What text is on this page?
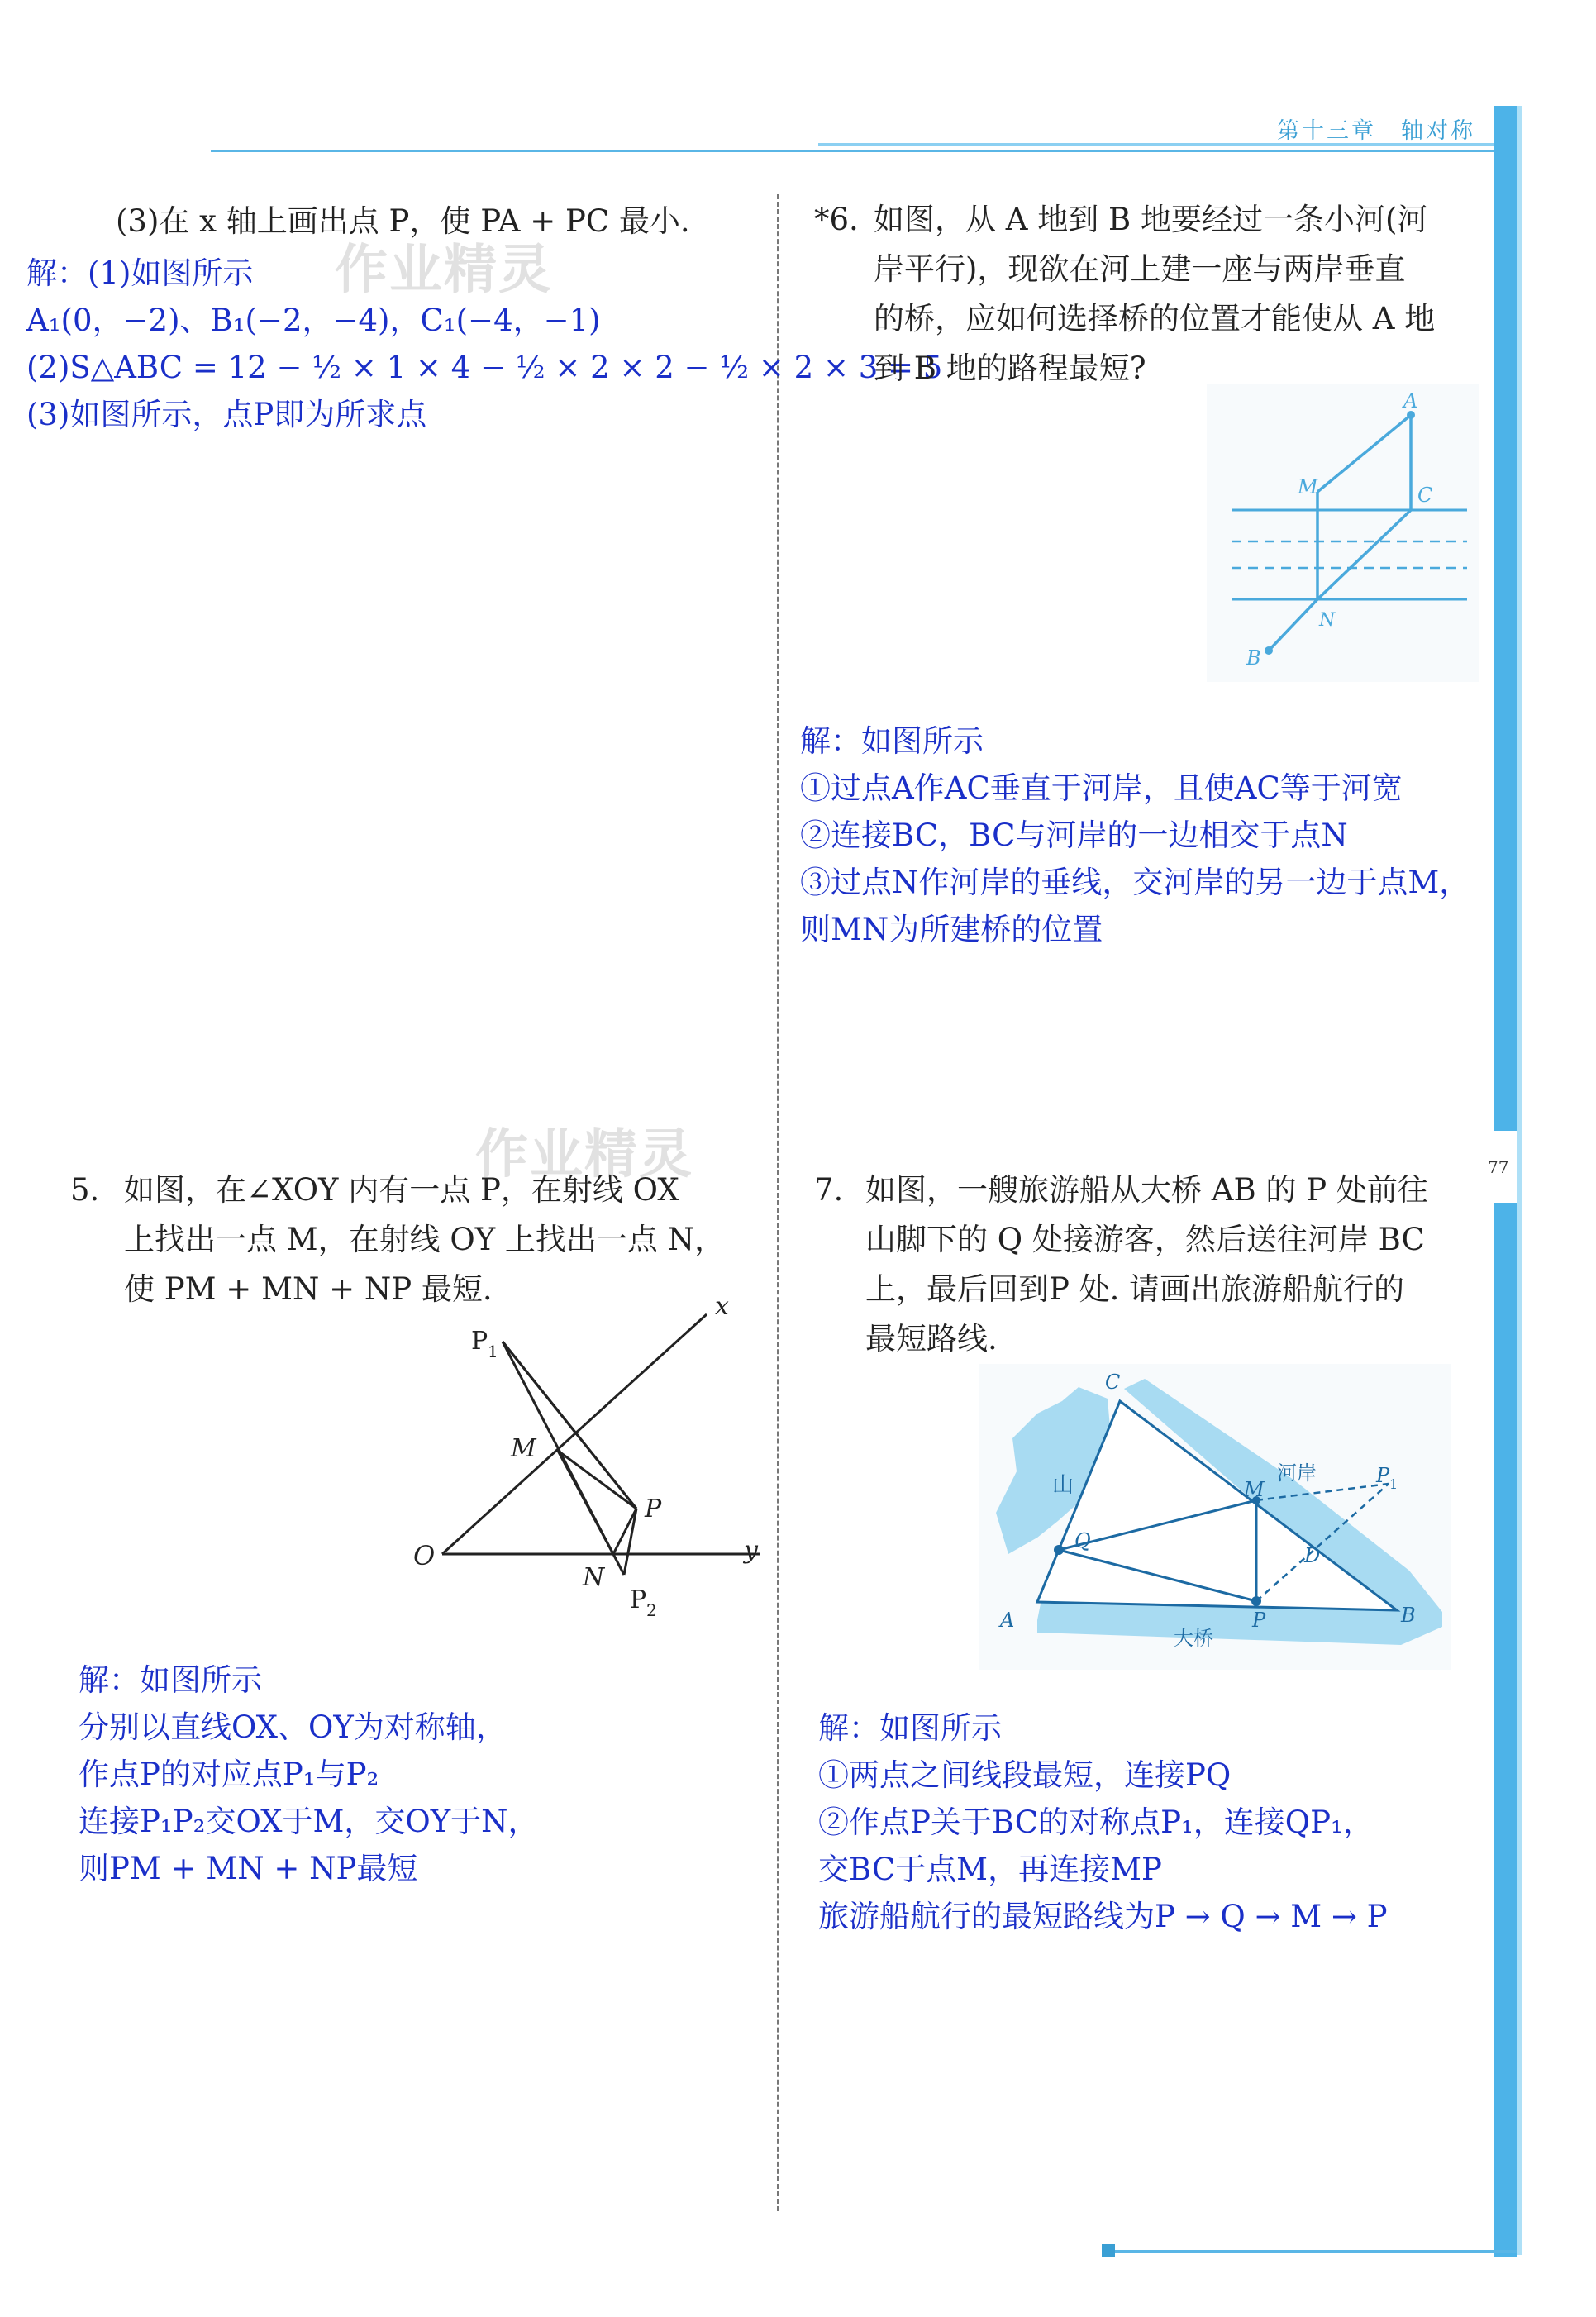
第十三章　轴对称
77
作业精灵
作业精灵
(3)在 x 轴上画出点 P，使 PA + PC 最小.
解：(1)如图所示
A₁(0，−2)、B₁(−2，−4)，C₁(−4，−1)
(2)S△ABC = 12 − ½ × 1 × 4 − ½ × 2 × 2 − ½ × 2 × 3 = 5
(3)如图所示，点P即为所求点
*6. 如图，从 A 地到 B 地要经过一条小河(河
岸平行)，现欲在河上建一座与两岸垂直
的桥，应如何选择桥的位置才能使从 A 地
到 B 地的路程最短?
A
C
M
N
B
解：如图所示
①过点A作AC垂直于河岸，且使AC等于河宽
②连接BC，BC与河岸的一边相交于点N
③过点N作河岸的垂线，交河岸的另一边于点M，
则MN为所建桥的位置
5. 如图，在∠XOY 内有一点 P，在射线 OX
上找出一点 M，在射线 OY 上找出一点 N，
使 PM + MN + NP 最短.	x
y
O
M
N
P
P 1
P 2
解：如图所示
分别以直线OX、OY为对称轴，
作点P的对应点P₁与P₂
连接P₁P₂交OX于M，交OY于N，
则PM + MN + NP最短
7. 如图，一艘旅游船从大桥 AB 的 P 处前往
山脚下的 Q 处接游客，然后送往河岸 BC
上，最后回到P 处. 请画出旅游船航行的
最短路线.
C
A	B
M
P
Q
D
P 1
山	河岸
大桥
解：如图所示
①两点之间线段最短，连接PQ
②作点P关于BC的对称点P₁，连接QP₁，
交BC于点M，再连接MP
旅游船航行的最短路线为P → Q → M → P
